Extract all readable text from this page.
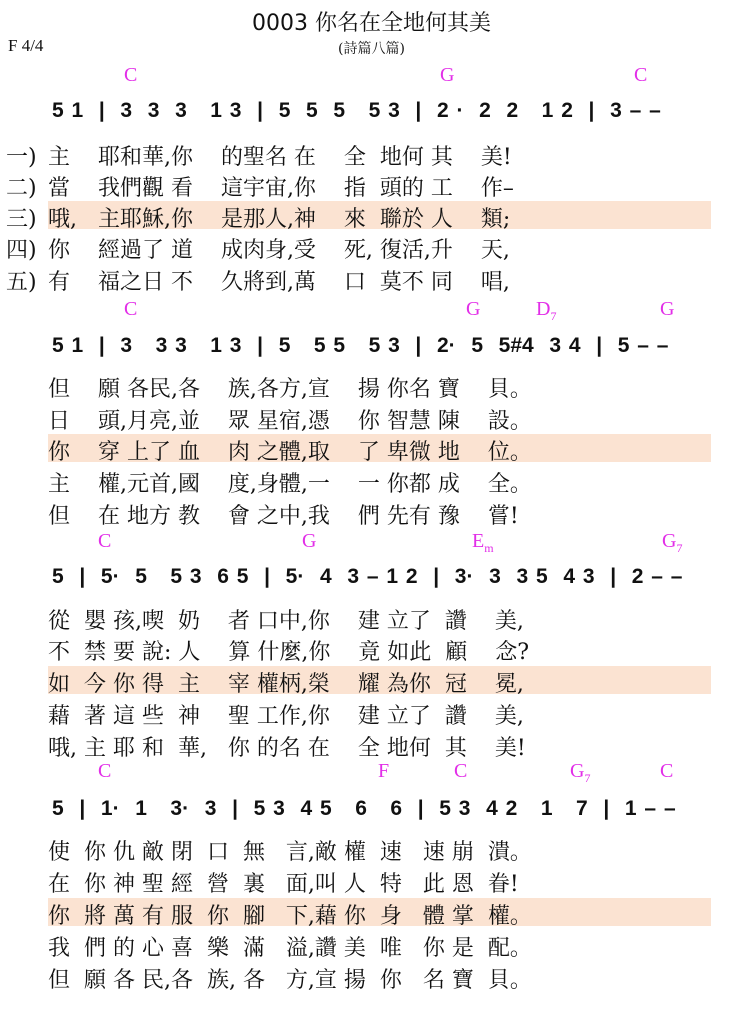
0003 你名在全地何其美
F 4/4	(詩篇八篇)
C	G	C
5 1  |  3  3  3   1 3  |  5  5  5   5 3  |  2 ·  2  2   1 2  |  3 – –
一) 主    耶和華,你    的聖名 在    全  地何 其    美!
二) 當    我們觀 看    這宇宙,你    指  頭的 工    作–
三) 哦,   主耶穌,你    是那人,神    來  聯於 人    類;
四) 你    經過了 道    成肉身,受    死, 復活,升    天,
五) 有    福之日 不    久將到,萬    口  莫不 同    唱,
C	G	$D_7$	G
5 1  |  3   3 3   1 3  |  5   5 5   5 3  |  2·  5  5#4  3 4  |  5 – –
但    願 各民,各    族,各方,宣    揚 你名 寶    貝。
日    頭,月亮,並    眾 星宿,憑    你 智慧 陳    設。
你    穿 上了 血    肉 之體,取    了 卑微 地    位。
主    權,元首,國    度,身體,一    一 你都 成    全。
但    在 地方 教    會 之中,我    們 先有 豫    嘗!
C	G	$E_m$	$G_7$
5  |  5·  5   5 3  6 5  |  5·  4  3 – 1 2  |  3·  3  3 5  4 3  |  2 – –
從  嬰 孩,喫  奶    者 口中,你    建 立了  讚    美,
不  禁 要 說: 人    算 什麼,你    竟 如此  顧    念?
如  今 你 得  主    宰 權柄,榮    耀 為你  冠    冕,
藉  著 這 些  神    聖 工作,你    建 立了  讚    美,
哦, 主 耶 和  華,   你 的名 在    全 地何  其    美!
C	F	C	$G_7$	C
5  |  1·  1   3·  3  |  5 3  4 5   6   6  |  5 3  4 2   1   7  |  1 – –
使  你 仇 敵 閉  口  無   言,敵 權  速   速 崩  潰。
在  你 神 聖 經  營  裏   面,叫 人  特   此 恩  眷!
你  將 萬 有 服  你  腳   下,藉 你  身   體 掌  權。
我  們 的 心 喜  樂  滿   溢,讚 美  唯   你 是  配。
但  願 各 民,各  族, 各   方,宣 揚  你   名 寶  貝。
